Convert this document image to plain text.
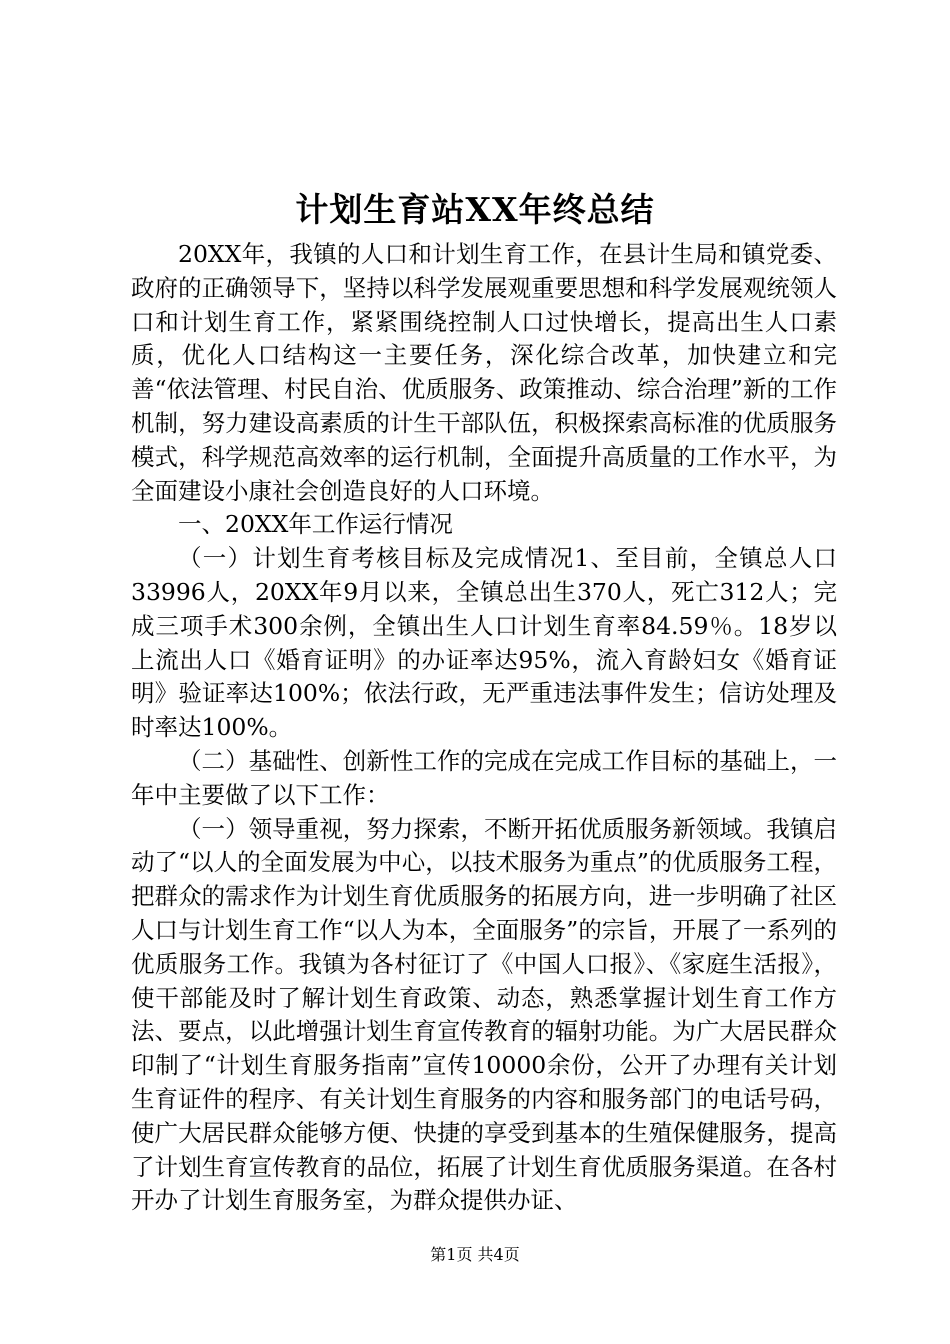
计划生育站XX年终总结

20XX年，我镇的人口和计划生育工作，在县计生局和镇党委、政府的正确领导下，坚持以科学发展观重要思想和科学发展观统领人口和计划生育工作，紧紧围绕控制人口过快增长，提高出生人口素质，优化人口结构这一主要任务，深化综合改革，加快建立和完善“依法管理、村民自治、优质服务、政策推动、综合治理”新的工作机制，努力建设高素质的计生干部队伍，积极探索高标准的优质服务模式，科学规范高效率的运行机制，全面提升高质量的工作水平，为全面建设小康社会创造良好的人口环境。

一、20XX年工作运行情况

（一）计划生育考核目标及完成情况1、至目前，全镇总人口33996人，20XX年9月以来，全镇总出生370人，死亡312人；完成三项手术300余例，全镇出生人口计划生育率84.59％。18岁以上流出人口《婚育证明》的办证率达95%，流入育龄妇女《婚育证明》验证率达100%；依法行政，无严重违法事件发生；信访处理及时率达100%。

（二）基础性、创新性工作的完成在完成工作目标的基础上，一年中主要做了以下工作：

（一）领导重视，努力探索，不断开拓优质服务新领域。我镇启动了“以人的全面发展为中心，以技术服务为重点”的优质服务工程，把群众的需求作为计划生育优质服务的拓展方向，进一步明确了社区人口与计划生育工作“以人为本，全面服务”的宗旨，开展了一系列的优质服务工作。我镇为各村征订了《中国人口报》、《家庭生活报》，使干部能及时了解计划生育政策、动态，熟悉掌握计划生育工作方法、要点，以此增强计划生育宣传教育的辐射功能。为广大居民群众印制了“计划生育服务指南”宣传10000余份，公开了办理有关计划生育证件的程序、有关计划生育服务的内容和服务部门的电话号码，使广大居民群众能够方便、快捷的享受到基本的生殖保健服务，提高了计划生育宣传教育的品位，拓展了计划生育优质服务渠道。在各村开办了计划生育服务室，为群众提供办证、

第1页 共4页
